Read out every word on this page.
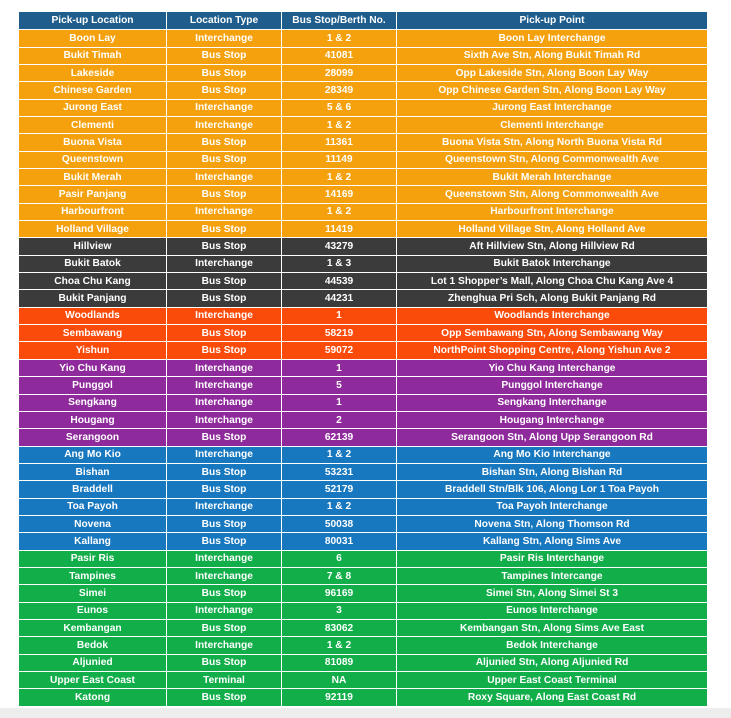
Pick-up Location	Location Type	Bus Stop/Berth No.	Pick-up Point
Boon Lay	Interchange	1 & 2	Boon Lay Interchange
Bukit Timah	Bus Stop	41081	Sixth Ave Stn, Along Bukit Timah Rd
Lakeside	Bus Stop	28099	Opp Lakeside Stn, Along Boon Lay Way
Chinese Garden	Bus Stop	28349	Opp Chinese Garden Stn, Along Boon Lay Way
Jurong East	Interchange	5 & 6	Jurong East Interchange
Clementi	Interchange	1 & 2	Clementi Interchange
Buona Vista	Bus Stop	11361	Buona Vista Stn, Along North Buona Vista Rd
Queenstown	Bus Stop	11149	Queenstown Stn, Along Commonwealth Ave
Bukit Merah	Interchange	1 & 2	Bukit Merah Interchange
Pasir Panjang	Bus Stop	14169	Queenstown Stn, Along Commonwealth Ave
Harbourfront	Interchange	1 & 2	Harbourfront Interchange
Holland Village	Bus Stop	11419	Holland Village Stn, Along Holland Ave
Hillview	Bus Stop	43279	Aft Hillview Stn, Along Hillview Rd
Bukit Batok	Interchange	1 & 3	Bukit Batok Interchange
Choa Chu Kang	Bus Stop	44539	Lot 1 Shopper’s Mall, Along Choa Chu Kang Ave 4
Bukit Panjang	Bus Stop	44231	Zhenghua Pri Sch, Along Bukit Panjang Rd
Woodlands	Interchange	1	Woodlands Interchange
Sembawang	Bus Stop	58219	Opp Sembawang Stn, Along Sembawang Way
Yishun	Bus Stop	59072	NorthPoint Shopping Centre, Along Yishun Ave 2
Yio Chu Kang	Interchange	1	Yio Chu Kang Interchange
Punggol	Interchange	5	Punggol Interchange
Sengkang	Interchange	1	Sengkang Interchange
Hougang	Interchange	2	Hougang Interchange
Serangoon	Bus Stop	62139	Serangoon Stn, Along Upp Serangoon Rd
Ang Mo Kio	Interchange	1 & 2	Ang Mo Kio Interchange
Bishan	Bus Stop	53231	Bishan Stn, Along Bishan Rd
Braddell	Bus Stop	52179	Braddell Stn/Blk 106, Along Lor 1 Toa Payoh
Toa Payoh	Interchange	1 & 2	Toa Payoh Interchange
Novena	Bus Stop	50038	Novena Stn, Along Thomson Rd
Kallang	Bus Stop	80031	Kallang Stn, Along Sims Ave
Pasir Ris	Interchange	6	Pasir Ris Interchange
Tampines	Interchange	7 & 8	Tampines Intercange
Simei	Bus Stop	96169	Simei Stn, Along Simei St 3
Eunos	Interchange	3	Eunos Interchange
Kembangan	Bus Stop	83062	Kembangan Stn, Along Sims Ave East
Bedok	Interchange	1 & 2	Bedok Interchange
Aljunied	Bus Stop	81089	Aljunied Stn, Along Aljunied Rd
Upper East Coast	Terminal	NA	Upper East Coast Terminal
Katong	Bus Stop	92119	Roxy Square, Along East Coast Rd
